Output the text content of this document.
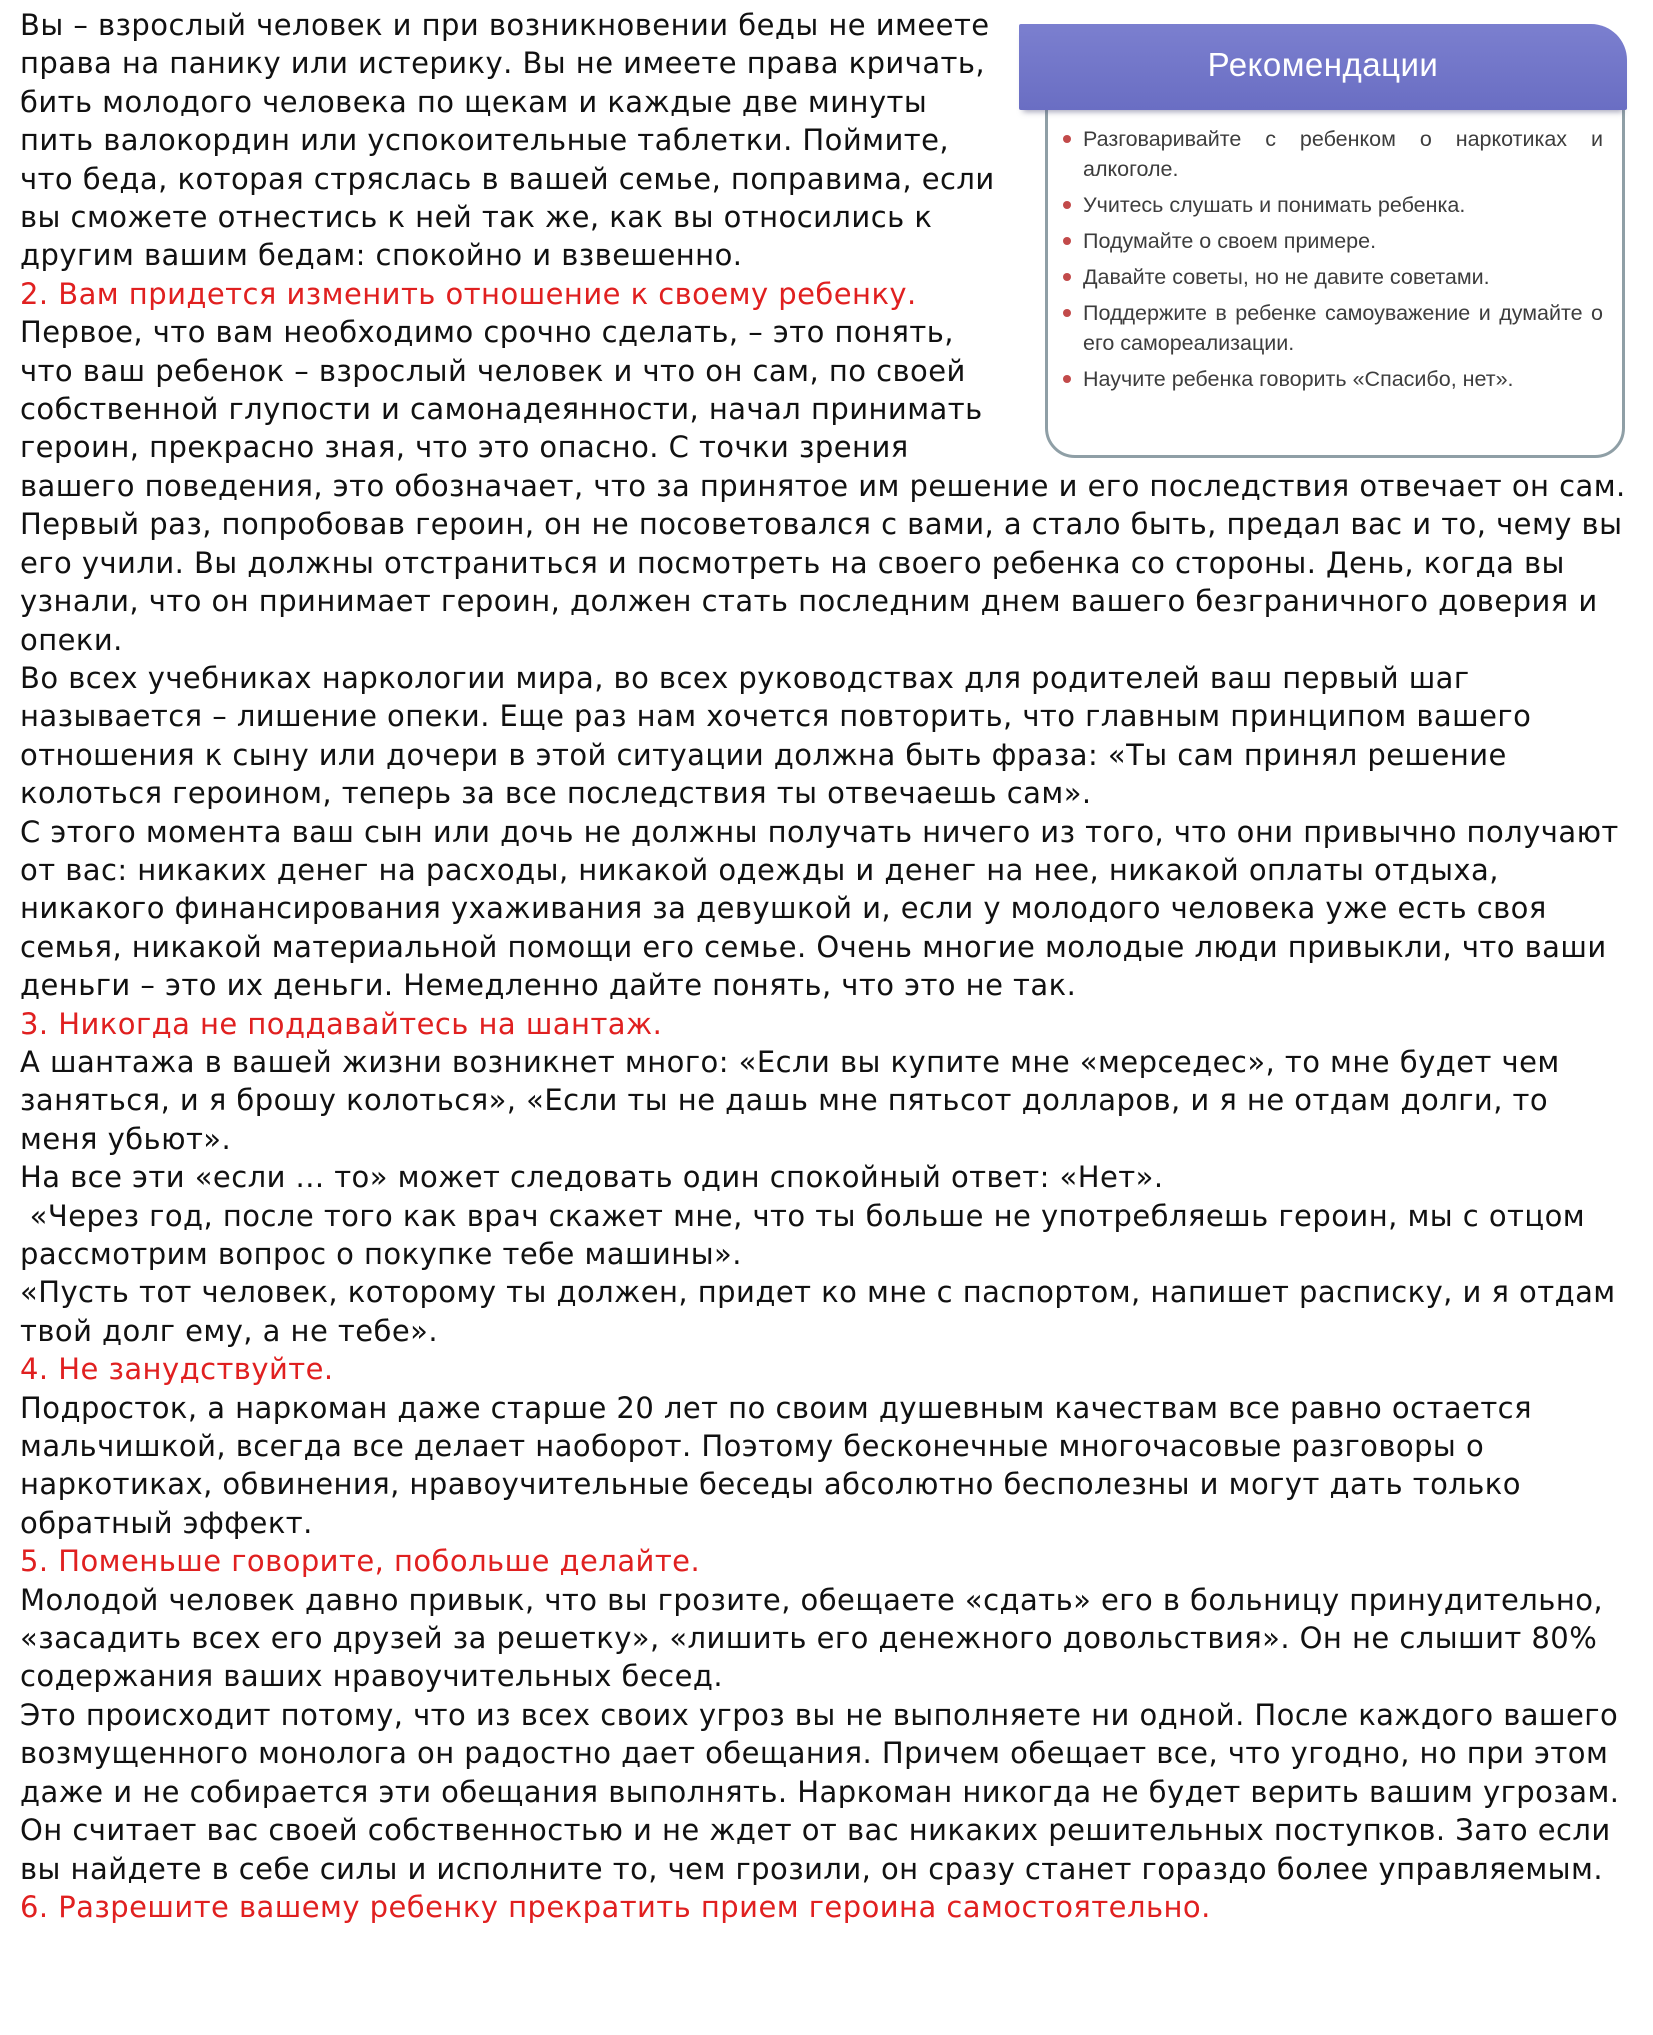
Рекомендации
Разговаривайте с ребенком о наркотиках и алкоголе.
Учитесь слушать и понимать ребенка.
Подумайте о своем примере.
Давайте советы, но не давите советами.
Поддержите в ребенке самоуважение и думайте о его самореализации.
Научите ребенка говорить «Спасибо, нет».

Вы – взрослый человек и при возникновении беды не имеете права на панику или истерику. Вы не имеете права кричать, бить молодого человека по щекам и каждые две минуты пить валокордин или успокоительные таблетки. Поймите, что беда, которая стряслась в вашей семье, поправима, если вы сможете отнестись к ней так же, как вы относились к другим вашим бедам: спокойно и взвешенно.

2. Вам придется изменить отношение к своему ребенку.

Первое, что вам необходимо срочно сделать, – это понять, что ваш ребенок – взрослый человек и что он сам, по своей собственной глупости и самонадеянности, начал принимать героин, прекрасно зная, что это опасно. С точки зрения вашего поведения, это обозначает, что за принятое им решение и его последствия отвечает он сам.

Первый раз, попробовав героин, он не посоветовался с вами, а стало быть, предал вас и то, чему вы его учили. Вы должны отстраниться и посмотреть на своего ребенка со стороны. День, когда вы узнали, что он принимает героин, должен стать последним днем вашего безграничного доверия и опеки.

Во всех учебниках наркологии мира, во всех руководствах для родителей ваш первый шаг называется – лишение опеки. Еще раз нам хочется повторить, что главным принципом вашего отношения к сыну или дочери в этой ситуации должна быть фраза: «Ты сам принял решение колоться героином, теперь за все последствия ты отвечаешь сам».

С этого момента ваш сын или дочь не должны получать ничего из того, что они привычно получают от вас: никаких денег на расходы, никакой одежды и денег на нее, никакой оплаты отдыха, никакого финансирования ухаживания за девушкой и, если у молодого человека уже есть своя семья, никакой материальной помощи его семье. Очень многие молодые люди привыкли, что ваши деньги – это их деньги. Немедленно дайте понять, что это не так.

3. Никогда не поддавайтесь на шантаж.

А шантажа в вашей жизни возникнет много: «Если вы купите мне «мерседес», то мне будет чем заняться, и я брошу колоться», «Если ты не дашь мне пятьсот долларов, и я не отдам долги, то меня убьют».

На все эти «если ... то» может следовать один спокойный ответ: «Нет».

«Через год, после того как врач скажет мне, что ты больше не употребляешь героин, мы с отцом рассмотрим вопрос о покупке тебе машины».

«Пусть тот человек, которому ты должен, придет ко мне с паспортом, напишет расписку, и я отдам твой долг ему, а не тебе».

4. Не занудствуйте.

Подросток, а наркоман даже старше 20 лет по своим душевным качествам все равно остается мальчишкой, всегда все делает наоборот. Поэтому бесконечные многочасовые разговоры о наркотиках, обвинения, нравоучительные беседы абсолютно бесполезны и могут дать только обратный эффект.

5. Поменьше говорите, побольше делайте.

Молодой человек давно привык, что вы грозите, обещаете «сдать» его в больницу принудительно, «засадить всех его друзей за решетку», «лишить его денежного довольствия». Он не слышит 80% содержания ваших нравоучительных бесед.

Это происходит потому, что из всех своих угроз вы не выполняете ни одной. После каждого вашего возмущенного монолога он радостно дает обещания. Причем обещает все, что угодно, но при этом даже и не собирается эти обещания выполнять. Наркоман никогда не будет верить вашим угрозам. Он считает вас своей собственностью и не ждет от вас никаких решительных поступков. Зато если вы найдете в себе силы и исполните то, чем грозили, он сразу станет гораздо более управляемым.

6. Разрешите вашему ребенку прекратить прием героина самостоятельно.
